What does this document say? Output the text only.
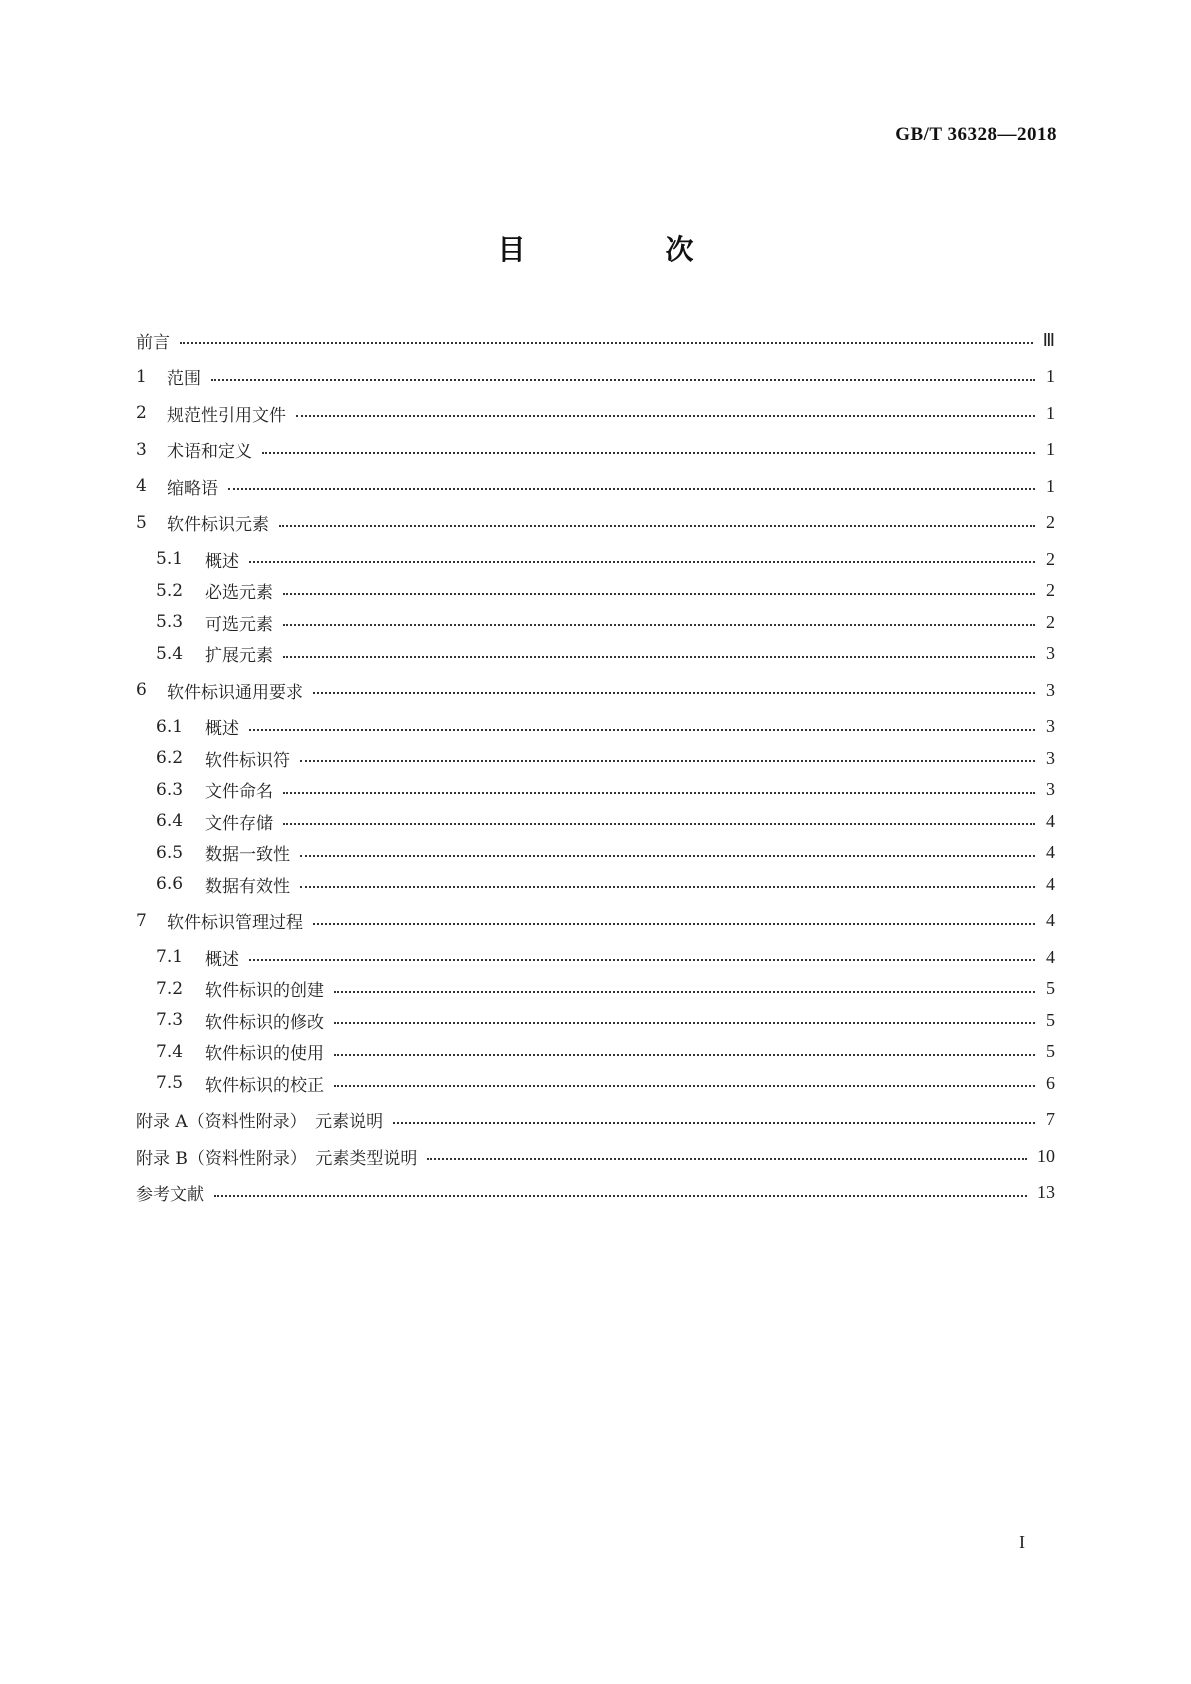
GB/T 36328—2018
目　次
前言	Ⅲ
1	范围	1
2	规范性引用文件	1
3	术语和定义	1
4	缩略语	1
5	软件标识元素	2
5.1	概述	2
5.2	必选元素	2
5.3	可选元素	2
5.4	扩展元素	3
6	软件标识通用要求	3
6.1	概述	3
6.2	软件标识符	3
6.3	文件命名	3
6.4	文件存储	4
6.5	数据一致性	4
6.6	数据有效性	4
7	软件标识管理过程	4
7.1	概述	4
7.2	软件标识的创建	5
7.3	软件标识的修改	5
7.4	软件标识的使用	5
7.5	软件标识的校正	6
附录 A（资料性附录）　元素说明	7
附录 B（资料性附录）　元素类型说明	10
参考文献	13
I
